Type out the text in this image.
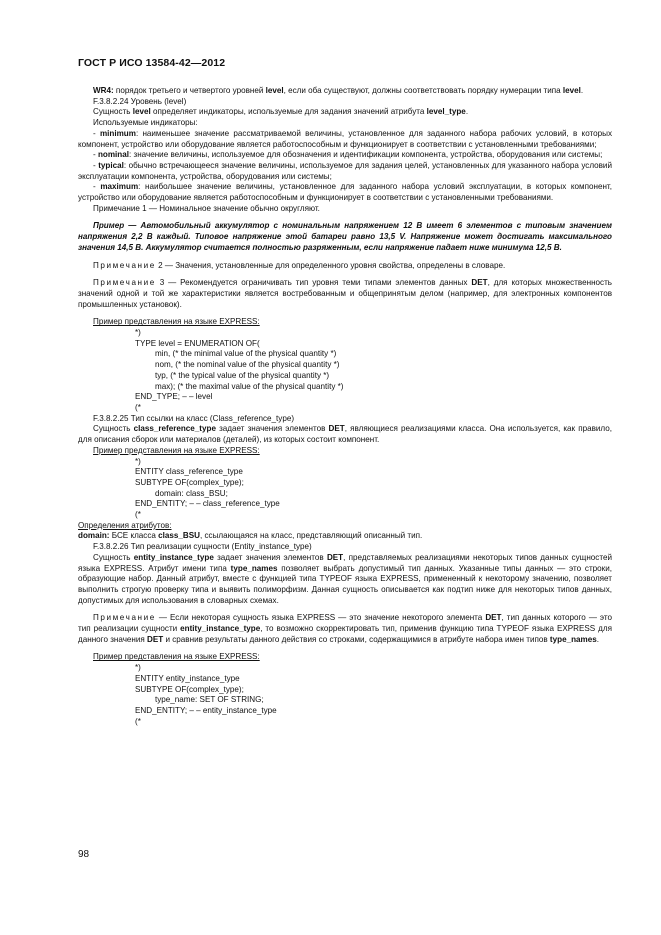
ГОСТ Р ИСО 13584-42—2012

WR4: порядок третьего и четвертого уровней level, если оба существуют, должны соответствовать порядку нумерации типа level.

F.3.8.2.24 Уровень (level)

Сущность level определяет индикаторы, используемые для задания значений атрибута level_type.

Используемые индикаторы:

- minimum: наименьшее значение рассматриваемой величины, установленное для заданного набора рабочих условий, в которых компонент, устройство или оборудование является работоспособным и функционирует в соответствии с установленными требованиями;

- nominal: значение величины, используемое для обозначения и идентификации компонента, устройства, оборудования или системы;

- typical: обычно встречающееся значение величины, используемое для задания целей, установленных для указанного набора условий эксплуатации компонента, устройства, оборудования или системы;

- maximum: наибольшее значение величины, установленное для заданного набора условий эксплуатации, в которых компонент, устройство или оборудование является работоспособным и функционирует в соответствии с установленными требованиями.

Примечание 1 — Номинальное значение обычно округляют.

Пример — Автомобильный аккумулятор с номинальным напряжением 12 В имеет 6 элементов с типовым значением напряжения 2,2 В каждый. Типовое напряжение этой батареи равно 13,5 V. Напряжение может достигать максимального значения 14,5 В. Аккумулятор считается полностью разряженным, если напряжение падает ниже минимума 12,5 В.

Примечание 2 — Значения, установленные для определенного уровня свойства, определены в словаре.

Примечание 3 — Рекомендуется ограничивать тип уровня теми типами элементов данных DET, для которых множественность значений одной и той же характеристики является востребованным и общепринятым делом (например, для электронных компонентов промышленных установок).

Пример представления на языке EXPRESS:

*)
TYPE level = ENUMERATION OF(
min, (* the minimal value of the physical quantity *)
nom, (* the nominal value of the physical quantity *)
typ, (* the typical value of the physical quantity *)
max); (* the maximal value of the physical quantity *)
END_TYPE; – – level
(*

F.3.8.2.25 Тип ссылки на класс (Class_reference_type)

Сущность class_reference_type задает значения элементов DET, являющиеся реализациями класса. Она используется, как правило, для описания сборок или материалов (деталей), из которых состоит компонент.

Пример представления на языке EXPRESS:

*)
ENTITY class_reference_type
SUBTYPE OF(complex_type);
domain: class_BSU;
END_ENTITY; – – class_reference_type
(*

Определения атрибутов:

domain: БСЕ класса class_BSU, ссылающаяся на класс, представляющий описанный тип.

F.3.8.2.26 Тип реализации сущности (Entity_instance_type)

Сущность entity_instance_type задает значения элементов DET, представляемых реализациями некоторых типов данных сущностей языка EXPRESS. Атрибут имени типа type_names позволяет выбрать допустимый тип данных. Указанные типы данных — это строки, образующие набор. Данный атрибут, вместе с функцией типа TYPEOF языка EXPRESS, примененный к некоторому значению, позволяет выполнить строгую проверку типа и выявить полиморфизм. Данная сущность описывается как подтип ниже для некоторых типов данных, допустимых для использования в словарных схемах.

Примечание — Если некоторая сущность языка EXPRESS — это значение некоторого элемента DET, тип данных которого — это тип реализации сущности entity_instance_type, то возможно скорректировать тип, применив функцию типа TYPEOF языка EXPRESS для данного значения DET и сравнив результаты данного действия со строками, содержащимися в атрибуте набора имен типов type_names.

Пример представления на языке EXPRESS:

*)
ENTITY entity_instance_type
SUBTYPE OF(complex_type);
type_name: SET OF STRING;
END_ENTITY; – – entity_instance_type
(*
98
